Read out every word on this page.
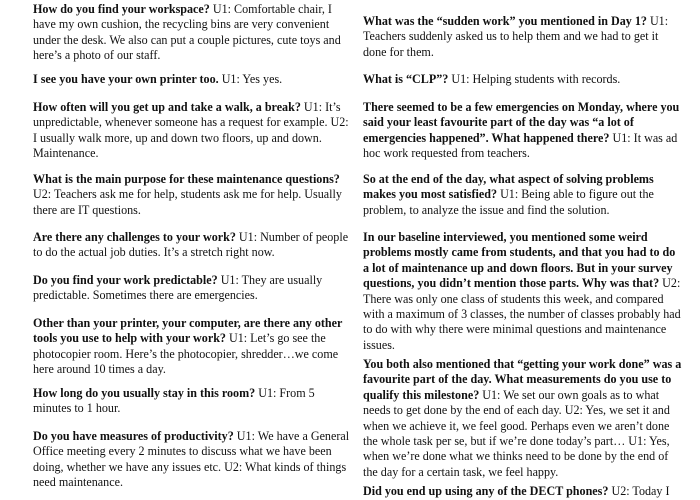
How do you find your workspace? U1: Comfortable chair, I have my own cushion, the recycling bins are very convenient under the desk. We also can put a couple pictures, cute toys and here’s a photo of our staff.

I see you have your own printer too. U1: Yes yes.

How often will you get up and take a walk, a break? U1: It’s unpredictable, whenever someone has a request for example. U2: I usually walk more, up and down two floors, up and down. Maintenance.

What is the main purpose for these maintenance questions? U2: Teachers ask me for help, students ask me for help. Usually there are IT questions.

Are there any challenges to your work? U1: Number of people to do the actual job duties. It’s a stretch right now.

Do you find your work predictable? U1: They are usually predictable. Sometimes there are emergencies.

Other than your printer, your computer, are there any other tools you use to help with your work? U1: Let’s go see the photocopier room. Here’s the photocopier, shredder…we come here around 10 times a day.

How long do you usually stay in this room? U1: From 5 minutes to 1 hour.

Do you have measures of productivity? U1: We have a General Office meeting every 2 minutes to discuss what we have been doing, whether we have any issues etc. U2: What kinds of things need maintenance.

What was the “sudden work” you mentioned in Day 1? U1: Teachers suddenly asked us to help them and we had to get it done for them.

What is “CLP”? U1: Helping students with records.

There seemed to be a few emergencies on Monday, where you said your least favourite part of the day was “a lot of emergencies happened”. What happened there? U1: It was ad hoc work requested from teachers.

So at the end of the day, what aspect of solving problems makes you most satisfied? U1: Being able to figure out the problem, to analyze the issue and find the solution.

In our baseline interviewed, you mentioned some weird problems mostly came from students, and that you had to do a lot of maintenance up and down floors. But in your survey questions, you didn’t mention those parts. Why was that? U2: There was only one class of students this week, and compared with a maximum of 3 classes, the number of classes probably had to do with why there were minimal questions and maintenance issues.

You both also mentioned that “getting your work done” was a favourite part of the day. What measurements do you use to qualify this milestone? U1: We set our own goals as to what needs to get done by the end of each day. U2: Yes, we set it and when we achieve it, we feel good. Perhaps even we aren’t done the whole task per se, but if we’re done today’s part… U1: Yes, when we’re done what we thinks need to be done by the end of the day for a certain task, we feel happy.

Did you end up using any of the DECT phones? U2: Today I
